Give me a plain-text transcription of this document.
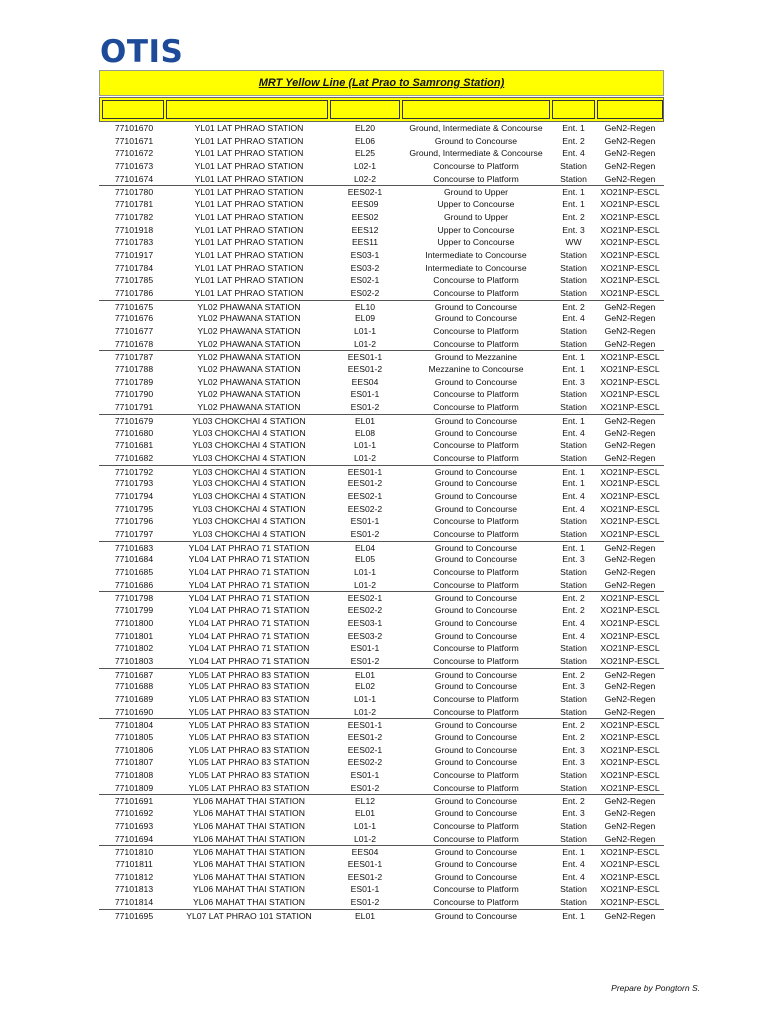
OTIS
MRT Yellow Line (Lat Prao to Samrong Station)
77101670	YL01 LAT PHRAO STATION	EL20	Ground, Intermediate & Concourse	Ent. 1	GeN2-Regen
77101671	YL01 LAT PHRAO STATION	EL06	Ground to Concourse	Ent. 2	GeN2-Regen
77101672	YL01 LAT PHRAO STATION	EL25	Ground, Intermediate & Concourse	Ent. 4	GeN2-Regen
77101673	YL01 LAT PHRAO STATION	L02-1	Concourse to Platform	Station	GeN2-Regen
77101674	YL01 LAT PHRAO STATION	L02-2	Concourse to Platform	Station	GeN2-Regen
77101780	YL01 LAT PHRAO STATION	EES02-1	Ground to Upper	Ent. 1	XO21NP-ESCL
77101781	YL01 LAT PHRAO STATION	EES09	Upper to Concourse	Ent. 1	XO21NP-ESCL
77101782	YL01 LAT PHRAO STATION	EES02	Ground to Upper	Ent. 2	XO21NP-ESCL
77101918	YL01 LAT PHRAO STATION	EES12	Upper to Concourse	Ent. 3	XO21NP-ESCL
77101783	YL01 LAT PHRAO STATION	EES11	Upper to Concourse	WW	XO21NP-ESCL
77101917	YL01 LAT PHRAO STATION	ES03-1	Intermediate to Concourse	Station	XO21NP-ESCL
77101784	YL01 LAT PHRAO STATION	ES03-2	Intermediate to Concourse	Station	XO21NP-ESCL
77101785	YL01 LAT PHRAO STATION	ES02-1	Concourse to Platform	Station	XO21NP-ESCL
77101786	YL01 LAT PHRAO STATION	ES02-2	Concourse to Platform	Station	XO21NP-ESCL
77101675	YL02 PHAWANA STATION	EL10	Ground to Concourse	Ent. 2	GeN2-Regen
77101676	YL02 PHAWANA STATION	EL09	Ground to Concourse	Ent. 4	GeN2-Regen
77101677	YL02 PHAWANA STATION	L01-1	Concourse to Platform	Station	GeN2-Regen
77101678	YL02 PHAWANA STATION	L01-2	Concourse to Platform	Station	GeN2-Regen
77101787	YL02 PHAWANA STATION	EES01-1	Ground to Mezzanine	Ent. 1	XO21NP-ESCL
77101788	YL02 PHAWANA STATION	EES01-2	Mezzanine to Concourse	Ent. 1	XO21NP-ESCL
77101789	YL02 PHAWANA STATION	EES04	Ground to Concourse	Ent. 3	XO21NP-ESCL
77101790	YL02 PHAWANA STATION	ES01-1	Concourse to Platform	Station	XO21NP-ESCL
77101791	YL02 PHAWANA STATION	ES01-2	Concourse to Platform	Station	XO21NP-ESCL
77101679	YL03 CHOKCHAI 4 STATION	EL01	Ground to Concourse	Ent. 1	GeN2-Regen
77101680	YL03 CHOKCHAI 4 STATION	EL08	Ground to Concourse	Ent. 4	GeN2-Regen
77101681	YL03 CHOKCHAI 4 STATION	L01-1	Concourse to Platform	Station	GeN2-Regen
77101682	YL03 CHOKCHAI 4 STATION	L01-2	Concourse to Platform	Station	GeN2-Regen
77101792	YL03 CHOKCHAI 4 STATION	EES01-1	Ground to Concourse	Ent. 1	XO21NP-ESCL
77101793	YL03 CHOKCHAI 4 STATION	EES01-2	Ground to Concourse	Ent. 1	XO21NP-ESCL
77101794	YL03 CHOKCHAI 4 STATION	EES02-1	Ground to Concourse	Ent. 4	XO21NP-ESCL
77101795	YL03 CHOKCHAI 4 STATION	EES02-2	Ground to Concourse	Ent. 4	XO21NP-ESCL
77101796	YL03 CHOKCHAI 4 STATION	ES01-1	Concourse to Platform	Station	XO21NP-ESCL
77101797	YL03 CHOKCHAI 4 STATION	ES01-2	Concourse to Platform	Station	XO21NP-ESCL
77101683	YL04 LAT PHRAO 71 STATION	EL04	Ground to Concourse	Ent. 1	GeN2-Regen
77101684	YL04 LAT PHRAO 71 STATION	EL05	Ground to Concourse	Ent. 3	GeN2-Regen
77101685	YL04 LAT PHRAO 71 STATION	L01-1	Concourse to Platform	Station	GeN2-Regen
77101686	YL04 LAT PHRAO 71 STATION	L01-2	Concourse to Platform	Station	GeN2-Regen
77101798	YL04 LAT PHRAO 71 STATION	EES02-1	Ground to Concourse	Ent. 2	XO21NP-ESCL
77101799	YL04 LAT PHRAO 71 STATION	EES02-2	Ground to Concourse	Ent. 2	XO21NP-ESCL
77101800	YL04 LAT PHRAO 71 STATION	EES03-1	Ground to Concourse	Ent. 4	XO21NP-ESCL
77101801	YL04 LAT PHRAO 71 STATION	EES03-2	Ground to Concourse	Ent. 4	XO21NP-ESCL
77101802	YL04 LAT PHRAO 71 STATION	ES01-1	Concourse to Platform	Station	XO21NP-ESCL
77101803	YL04 LAT PHRAO 71 STATION	ES01-2	Concourse to Platform	Station	XO21NP-ESCL
77101687	YL05 LAT PHRAO 83 STATION	EL01	Ground to Concourse	Ent. 2	GeN2-Regen
77101688	YL05 LAT PHRAO 83 STATION	EL02	Ground to Concourse	Ent. 3	GeN2-Regen
77101689	YL05 LAT PHRAO 83 STATION	L01-1	Concourse to Platform	Station	GeN2-Regen
77101690	YL05 LAT PHRAO 83 STATION	L01-2	Concourse to Platform	Station	GeN2-Regen
77101804	YL05 LAT PHRAO 83 STATION	EES01-1	Ground to Concourse	Ent. 2	XO21NP-ESCL
77101805	YL05 LAT PHRAO 83 STATION	EES01-2	Ground to Concourse	Ent. 2	XO21NP-ESCL
77101806	YL05 LAT PHRAO 83 STATION	EES02-1	Ground to Concourse	Ent. 3	XO21NP-ESCL
77101807	YL05 LAT PHRAO 83 STATION	EES02-2	Ground to Concourse	Ent. 3	XO21NP-ESCL
77101808	YL05 LAT PHRAO 83 STATION	ES01-1	Concourse to Platform	Station	XO21NP-ESCL
77101809	YL05 LAT PHRAO 83 STATION	ES01-2	Concourse to Platform	Station	XO21NP-ESCL
77101691	YL06 MAHAT THAI STATION	EL12	Ground to Concourse	Ent. 2	GeN2-Regen
77101692	YL06 MAHAT THAI STATION	EL01	Ground to Concourse	Ent. 3	GeN2-Regen
77101693	YL06 MAHAT THAI STATION	L01-1	Concourse to Platform	Station	GeN2-Regen
77101694	YL06 MAHAT THAI STATION	L01-2	Concourse to Platform	Station	GeN2-Regen
77101810	YL06 MAHAT THAI STATION	EES04	Ground to Concourse	Ent. 1	XO21NP-ESCL
77101811	YL06 MAHAT THAI STATION	EES01-1	Ground to Concourse	Ent. 4	XO21NP-ESCL
77101812	YL06 MAHAT THAI STATION	EES01-2	Ground to Concourse	Ent. 4	XO21NP-ESCL
77101813	YL06 MAHAT THAI STATION	ES01-1	Concourse to Platform	Station	XO21NP-ESCL
77101814	YL06 MAHAT THAI STATION	ES01-2	Concourse to Platform	Station	XO21NP-ESCL
77101695	YL07 LAT PHRAO 101 STATION	EL01	Ground to Concourse	Ent. 1	GeN2-Regen
Prepare by Pongtorn S.
